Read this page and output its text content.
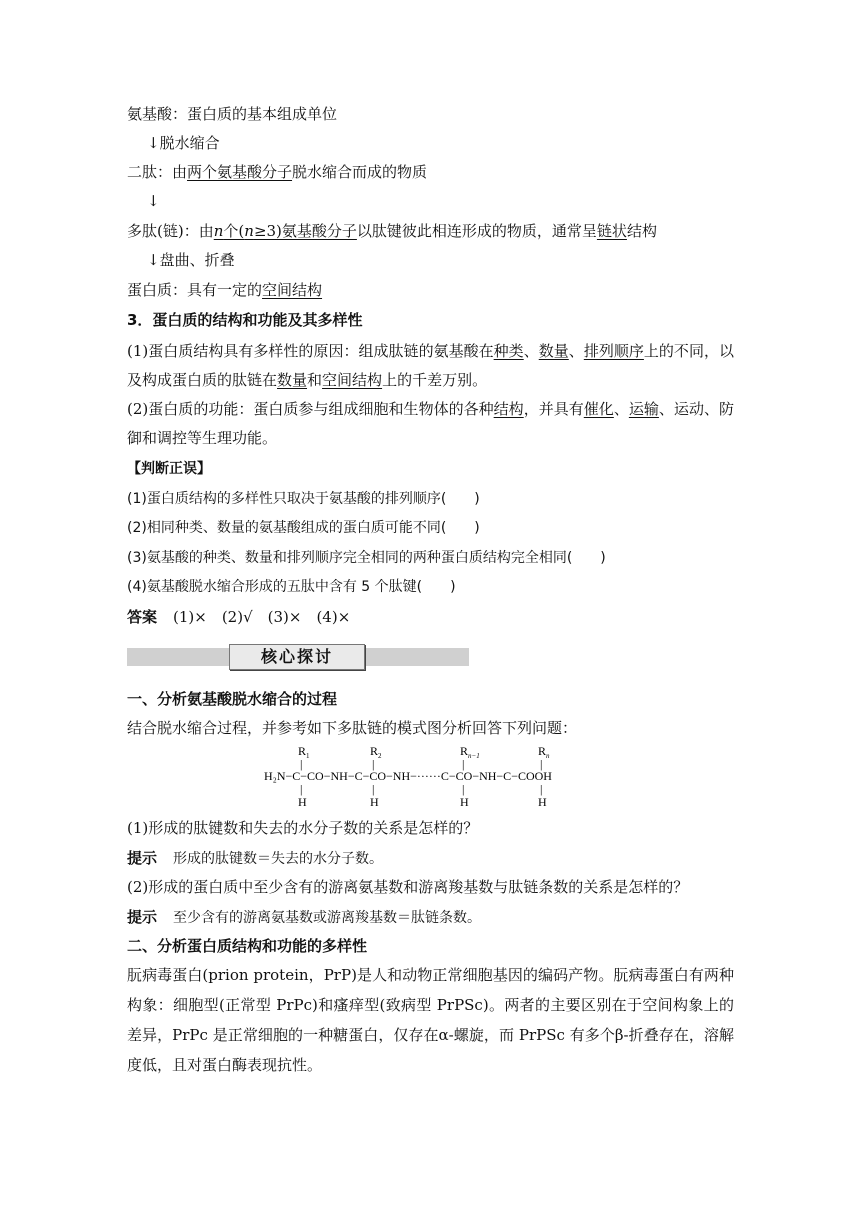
氨基酸：蛋白质的基本组成单位
↓脱水缩合
二肽：由两个氨基酸分子脱水缩合而成的物质
↓
多肽(链)：由n个(n≥3)氨基酸分子以肽键彼此相连形成的物质，通常呈链状结构
↓盘曲、折叠
蛋白质：具有一定的空间结构
3．蛋白质的结构和功能及其多样性
(1)蛋白质结构具有多样性的原因：组成肽链的氨基酸在种类、数量、排列顺序上的不同，以及构成蛋白质的肽链在数量和空间结构上的千差万别。
(2)蛋白质的功能：蛋白质参与组成细胞和生物体的各种结构，并具有催化、运输、运动、防御和调控等生理功能。
【判断正误】
(1)蛋白质结构的多样性只取决于氨基酸的排列顺序(　　)
(2)相同种类、数量的氨基酸组成的蛋白质可能不同(　　)
(3)氨基酸的种类、数量和排列顺序完全相同的两种蛋白质结构完全相同(　　)
(4)氨基酸脱水缩合形成的五肽中含有 5 个肽键(　　)
答案 (1)×　(2)√　(3)×　(4)×
核心探讨
一、分析氨基酸脱水缩合的过程
结合脱水缩合过程，并参考如下多肽链的模式图分析回答下列问题：
H₂N−C−CO−NH−C−CO−NH−······C−CO−NH−C−COOH
$R_1$	$R_2$	$R_{n-1}$	$R_n$
|	|	|	|
|	|	|	|
H	H	H	H
(1)形成的肽键数和失去的水分子数的关系是怎样的？
提示 形成的肽键数＝失去的水分子数。
(2)形成的蛋白质中至少含有的游离氨基数和游离羧基数与肽链条数的关系是怎样的？
提示 至少含有的游离氨基数或游离羧基数＝肽链条数。
二、分析蛋白质结构和功能的多样性
朊病毒蛋白(prion protein，PrP)是人和动物正常细胞基因的编码产物。朊病毒蛋白有两种构象：细胞型(正常型 PrPc)和瘙痒型(致病型 PrPSc)。两者的主要区别在于空间构象上的差异，PrPc 是正常细胞的一种糖蛋白，仅存在α-螺旋，而 PrPSc 有多个β-折叠存在，溶解度低，且对蛋白酶表现抗性。
